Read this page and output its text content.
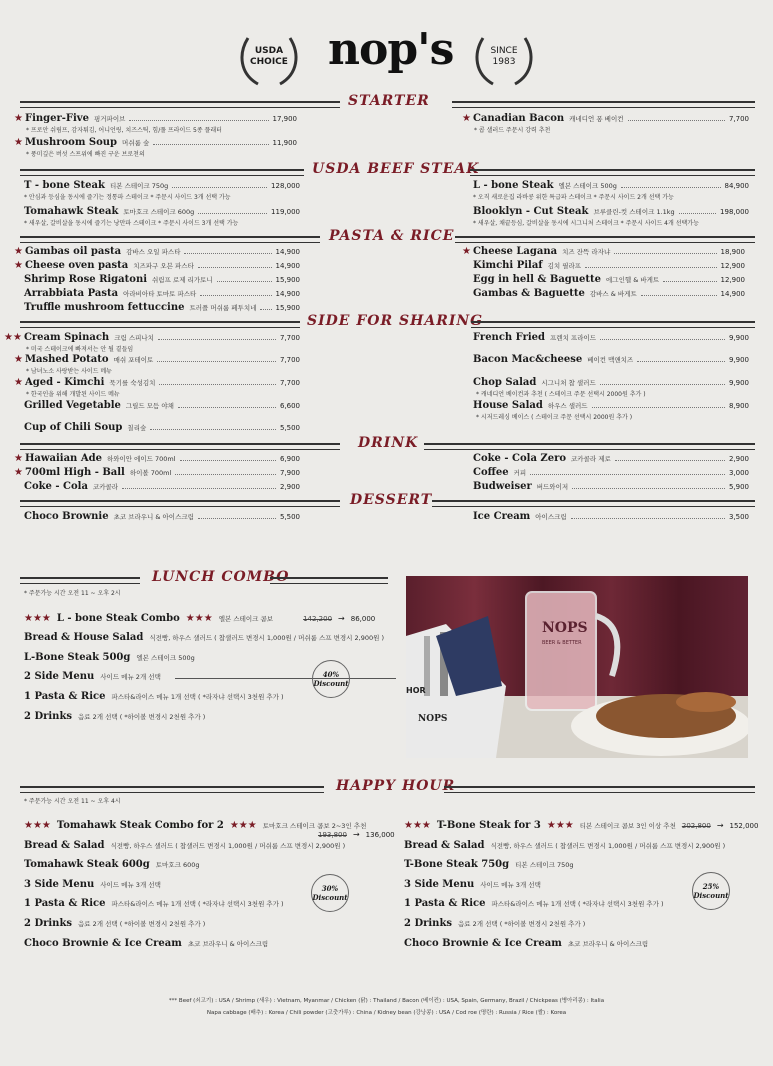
USDA
CHOICE nop's	SINCE
1983
STARTER
★ Finger-Five 핑거파이브	17,900
* 프로안 쉬림프, 감자튀김, 어니언링, 치즈스틱, 힘/풀 프라이드 5종 플래터
★ Mushroom Soup 머쉬룸 숲	11,900
* 풍미깊은 버섯 스프위에 빠진 구운 브로천의
★ Canadian Bacon 캐네디언 퐁 베이컨	7,700
* 콥 샐러드 주문시 강력 추천
USDA BEEF STEAK
T - bone Steak 티본 스테이크 750g	128,000
* 안심과 등심을 동시에 즐기는 정통파 스테이크 * 주문시 사이드 3개 선택 가능
Tomahawk Steak 토마호크 스테이크 600g	119,000
* 새우살, 갈비살을 동시에 즐기는 낭만파 스테이크 * 주문시 사이드 3개 선택 가능
L - bone Steak 엘본 스테이크 500g	84,900
* 오직 새로운집 라바콩 위한 특급파 스테이크 * 주문시 사이드 2개 선택 가능
Blooklyn - Cut Steak 브루클린-컷 스테이크 1.1kg	198,000
* 새우살, 채끝등심, 갈비살을 동시에 시그니처 스테이크 * 주문시 사이드 4개 선택가능
PASTA & RICE
★ Gambas oil pasta 감바스 오일 파스타	14,900
★ Cheese oven pasta 치즈파구 오븐 파스타	14,900
Shrimp Rose Rigatoni 쉬림프 로제 리가토니	15,900
Arrabbiata Pasta 아라비아타 토마토 파스타	14,900
Truffle mushroom fettuccine 트러플 머쉬룸 페투치네	15,900
★ Cheese Lagana 치즈 잔뜩 라자냐	18,900
Kimchi Pilaf 김치 필라프	12,900
Egg in hell & Baguette 에그인헬 & 바게트	12,900
Gambas & Baguette 감바스 & 바게트	14,900
SIDE FOR SHARING
★★ Cream Spinach 크림 스피나치	7,700
* 미국 스테이크에 빠져서는 안 될 곁들임
★ Mashed Potato 매쉬 포테이토	7,700
* 남녀노소 사랑받는 사이드 메뉴
★ Aged - Kimchi 묵기를 숙성김치	7,700
* 한국인을 위해 개발된 사이드 메뉴
Grilled Vegetable 그릴드 모듬 야채	6,600
Cup of Chili Soup 칠리숲	5,500
French Fried 프렌치 프라이드	9,900
Bacon Mac&cheese 베이컨 맥앤치즈	9,900
Chop Salad 시그니처 찹 샐러드	9,900
* 캐네디언 베이컨과 추천 ( 스테이크 주문 선택시 2000원 추가 )
House Salad 하우스 샐러드	8,900
* 시저드레싱 베이스 ( 스테이크 주문 선택시 2000원 추가 )
DRINK
★ Hawaiian Ade 하와이안 에이드 700ml	6,900
★ 700ml High - Ball 하이볼 700ml	7,900
Coke - Cola 코카콜라	2,900
Coke - Cola Zero 코카콜라 제로	2,900
Coffee 커피	3,000
Budweiser 버드와이저	5,900
DESSERT
Choco Brownie 초코 브라우니 & 아이스크림	5,500	Ice Cream 아이스크림	3,500
LUNCH COMBO
* 주문가능 시간 오전 11 ~ 오후 2시
★★★ L - bone Steak Combo ★★★ 엘본 스테이크 콤보	142,200 → 86,000
Bread & House Salad 식전빵, 하우스 샐러드 ( 찹샐러드 변경시 1,000원 / 머쉬룸 스프 변경시 2,900원 )
L-Bone Steak 500g 엘본 스테이크 500g
2 Side Menu 사이드 메뉴 2개 선택
1 Pasta & Rice 파스타&라이스 메뉴 1개 선택 ( *라자냐 선택시 3천원 추가 )
2 Drinks 음료 2개 선택 ( *하이볼 변경시 2천원 추가 )
40%
Discount
NOPS
BEER & BETTER
NOPS
HOR
HAPPY HOUR
* 주문가능 시간 오전 11 ~ 오후 4시
★★★ Tomahawk Steak Combo for 2 ★★★ 토마호크 스테이크 콤보 2~3인 추천
193,800 → 136,000
Bread & Salad 식전빵, 하우스 샐러드 ( 찹샐러드 변경시 1,000원 / 머쉬룸 스프 변경시 2,900원 )
Tomahawk Steak 600g 토마호크 600g
3 Side Menu 사이드 메뉴 3개 선택
1 Pasta & Rice 파스타&라이스 메뉴 1개 선택 ( *라자냐 선택시 3천원 추가 )
2 Drinks 음료 2개 선택 ( *하이볼 변경시 2천원 추가 )
Choco Brownie & Ice Cream 초코 브라우니 & 아이스크림
30%
Discount
★★★ T-Bone Steak for 3 ★★★ 티본 스테이크 콤보 3인 이상 추천 202,800 → 152,000
Bread & Salad 식전빵, 하우스 샐러드 ( 찹샐러드 변경시 1,000원 / 머쉬룸 스프 변경시 2,900원 )
T-Bone Steak 750g 티본 스테이크 750g
3 Side Menu 사이드 메뉴 3개 선택
1 Pasta & Rice 파스타&라이스 메뉴 1개 선택 ( *라자냐 선택시 3천원 추가 )
2 Drinks 음료 2개 선택 ( *하이볼 변경시 2천원 추가 )
Choco Brownie & Ice Cream 초코 브라우니 & 아이스크림
25%
Discount
*** Beef (쇠고기) : USA / Shrimp (새우) : Vietnam, Myanmar / Chicken (닭) : Thailand / Bacon (베이컨) : USA, Spain, Germany, Brazil / Chickpeas (병아리콩) : Italia
Napa cabbage (배추) : Korea / Chili powder (고춧가루) : China / Kidney bean (강낭콩) : USA / Cod roe (명란) : Russia / Rice (쌀) : Korea
